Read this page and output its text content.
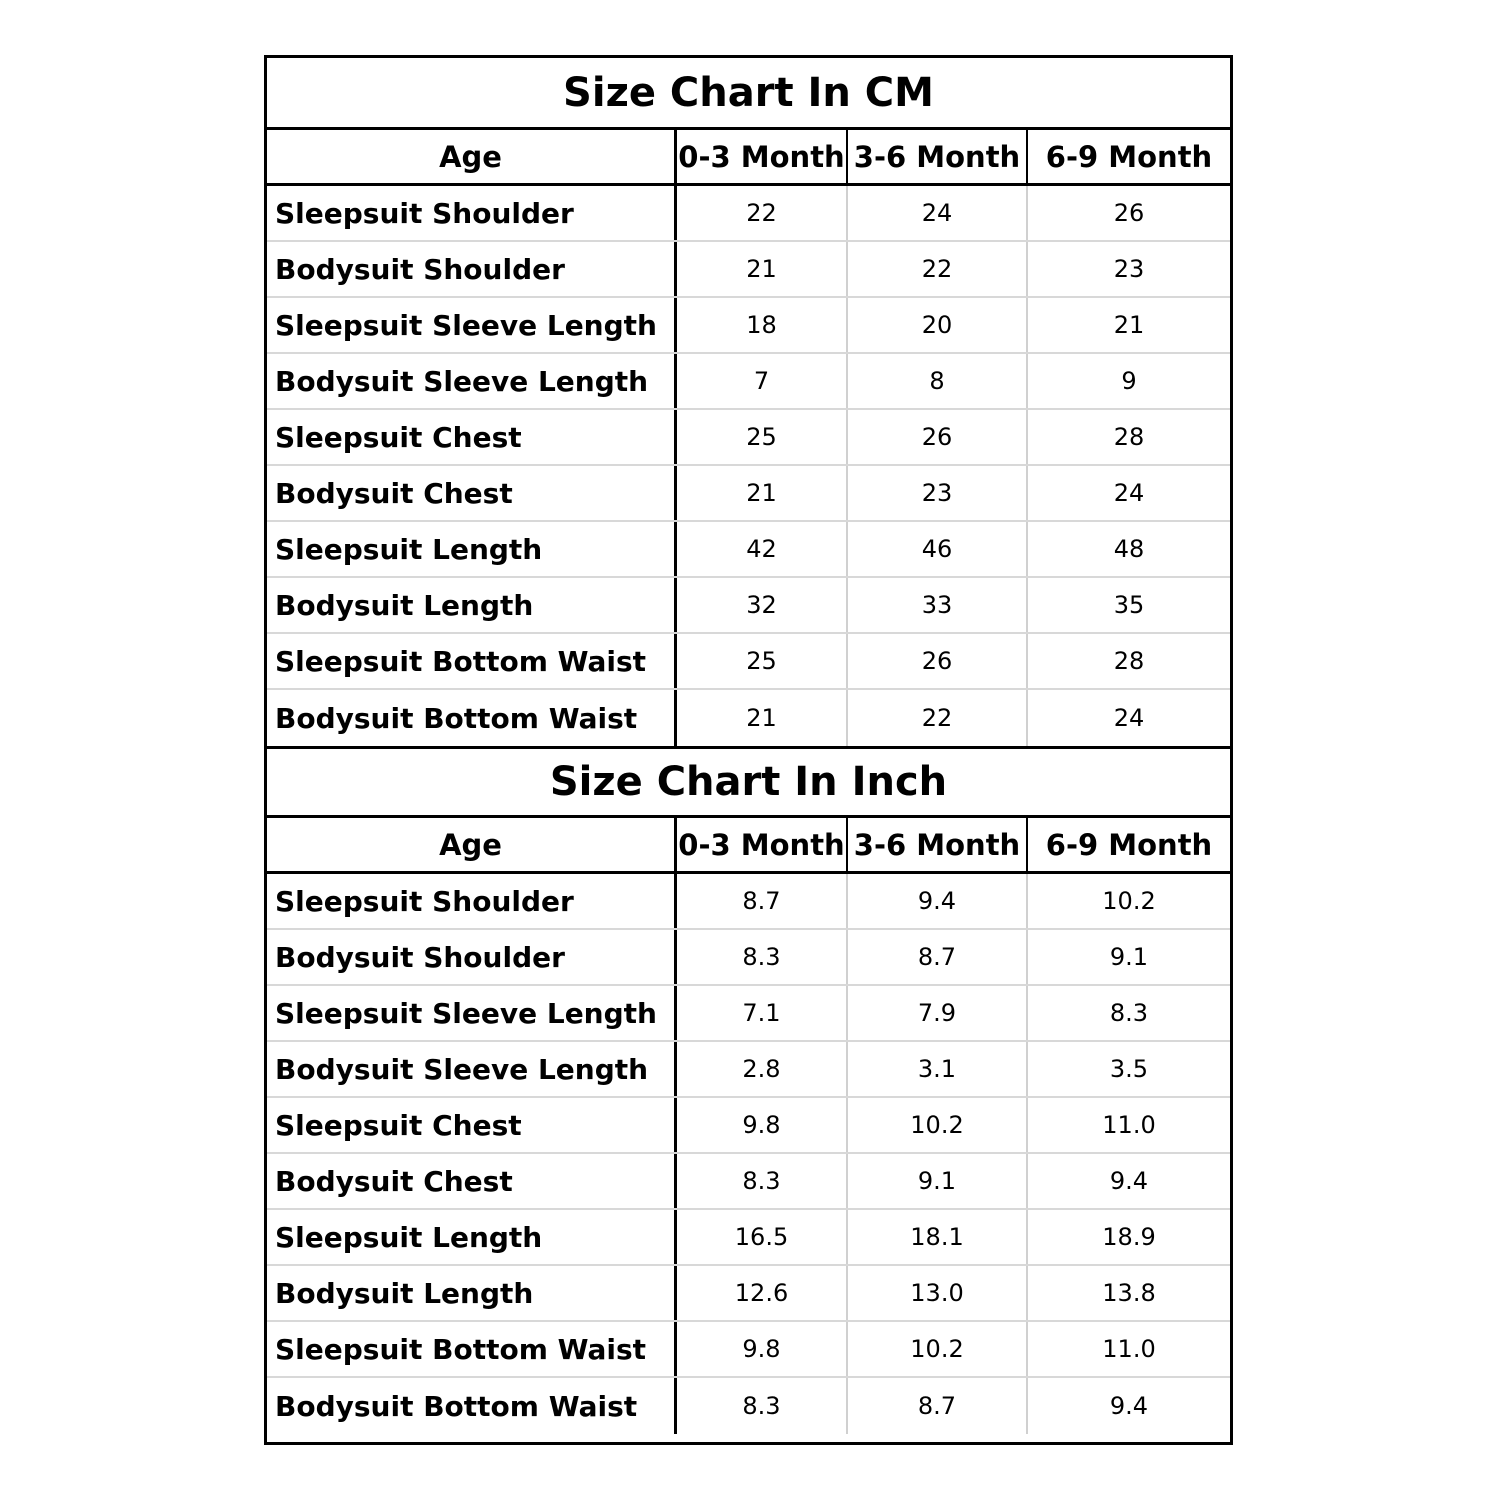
Size Chart In CM
Age	0-3 Month 3-6 Month 6-9 Month
Sleepsuit Shoulder	22	24	26
Bodysuit Shoulder	21	22	23
Sleepsuit Sleeve Length	18	20	21
Bodysuit Sleeve Length	7	8	9
Sleepsuit Chest	25	26	28
Bodysuit Chest	21	23	24
Sleepsuit Length	42	46	48
Bodysuit Length	32	33	35
Sleepsuit Bottom Waist	25	26	28
Bodysuit Bottom Waist	21	22	24
Size Chart In Inch
Age	0-3 Month 3-6 Month 6-9 Month
Sleepsuit Shoulder	8.7	9.4	10.2
Bodysuit Shoulder	8.3	8.7	9.1
Sleepsuit Sleeve Length	7.1	7.9	8.3
Bodysuit Sleeve Length	2.8	3.1	3.5
Sleepsuit Chest	9.8	10.2	11.0
Bodysuit Chest	8.3	9.1	9.4
Sleepsuit Length	16.5	18.1	18.9
Bodysuit Length	12.6	13.0	13.8
Sleepsuit Bottom Waist	9.8	10.2	11.0
Bodysuit Bottom Waist	8.3	8.7	9.4
